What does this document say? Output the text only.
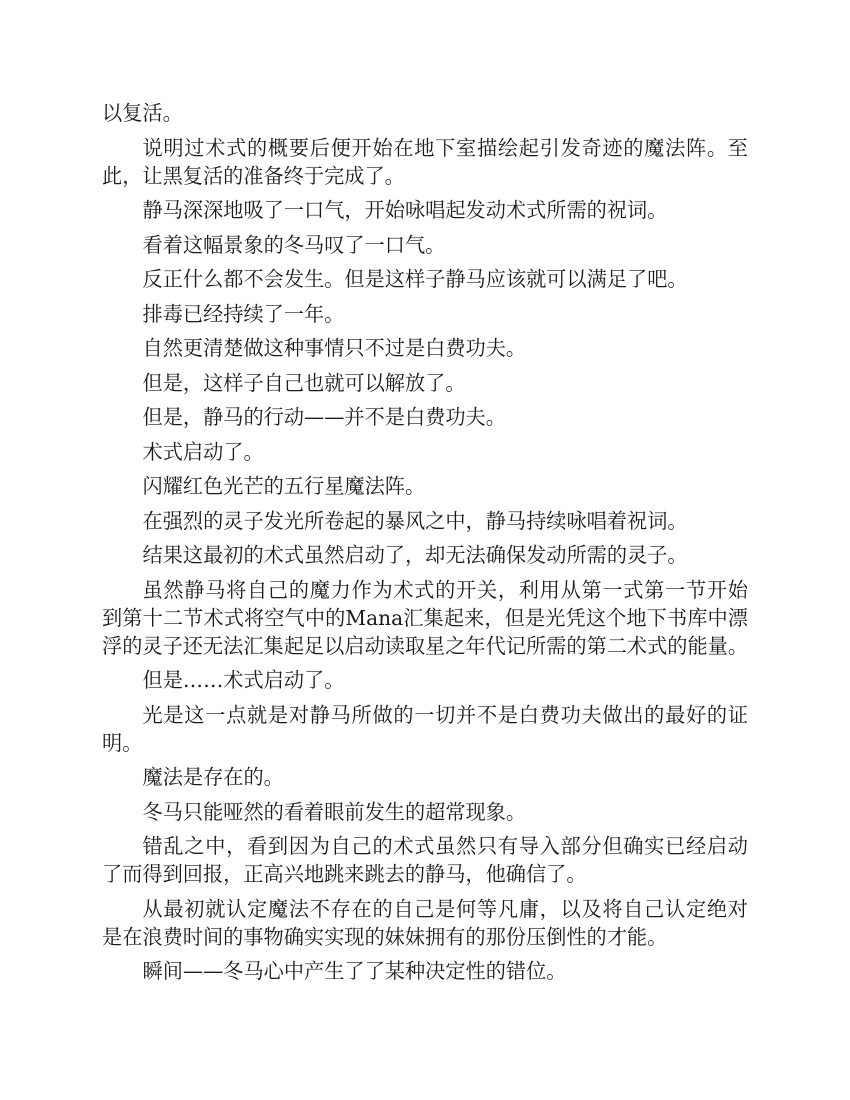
以复活。

说明过术式的概要后便开始在地下室描绘起引发奇迹的魔法阵。至此，让黑复活的准备终于完成了。

静马深深地吸了一口气，开始咏唱起发动术式所需的祝词。

看着这幅景象的冬马叹了一口气。

反正什么都不会发生。但是这样子静马应该就可以满足了吧。

排毒已经持续了一年。

自然更清楚做这种事情只不过是白费功夫。

但是，这样子自己也就可以解放了。

但是，静马的行动——并不是白费功夫。

术式启动了。

闪耀红色光芒的五行星魔法阵。

在强烈的灵子发光所卷起的暴风之中，静马持续咏唱着祝词。

结果这最初的术式虽然启动了，却无法确保发动所需的灵子。

虽然静马将自己的魔力作为术式的开关，利用从第一式第一节开始到第十二节术式将空气中的Mana汇集起来，但是光凭这个地下书库中漂浮的灵子还无法汇集起足以启动读取星之年代记所需的第二术式的能量。

但是……术式启动了。

光是这一点就是对静马所做的一切并不是白费功夫做出的最好的证明。

魔法是存在的。

冬马只能哑然的看着眼前发生的超常现象。

错乱之中，看到因为自己的术式虽然只有导入部分但确实已经启动了而得到回报，正高兴地跳来跳去的静马，他确信了。

从最初就认定魔法不存在的自己是何等凡庸，以及将自己认定绝对是在浪费时间的事物确实实现的妹妹拥有的那份压倒性的才能。

瞬间——冬马心中产生了了某种决定性的错位。
